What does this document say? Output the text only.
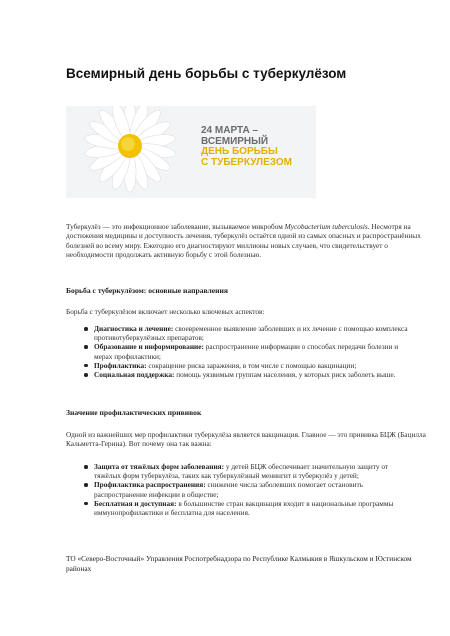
Всемирный день борьбы с туберкулёзом
24 МАРТА –
ВСЕМИРНЫЙ
ДЕНЬ БОРЬБЫ
С ТУБЕРКУЛЕЗОМ
Туберкулёз — это инфекционное заболевание, вызываемое микробом Mycobacterium tuberculosis. Несмотря на достижения медицины и доступность лечения, туберкулёз остаётся одной из самых опасных и распространённых болезней во всему миру. Ежегодно его диагностируют миллионы новых случаев, что свидетельствует о необходимости продолжать активную борьбу с этой болезнью.
Борьба с туберкулёзом: основные направления
Борьба с туберкулёзом включает несколько ключевых аспектов:
Диагностика и лечение: своевременное выявление заболевших и их лечение с помощью комплекса противотуберкулёзных препаратов;
Образование и информирование: распространение информации о способах передачи болезни и мерах профилактики;
Профилактика: сокращение риска заражения, в том числе с помощью вакцинации;
Социальная поддержка: помощь уязвимым группам населения, у которых риск заболеть выше.
Значение профилактических прививок
Одной из важнейших мер профилактики туберкулёза является вакцинация. Главное — это прививка БЦЖ (Бацилла Кальметта-Герина). Вот почему она так важна:
Защита от тяжёлых форм заболевания: у детей БЦЖ обеспечивает значительную защиту от тяжёлых форм туберкулёза, таких как туберкулёзный менингит и туберкулёз у детей;
Профилактика распространения: снижение числа заболевших помогает остановить распространение инфекции в обществе;
Бесплатная и доступная: в большинстве стран вакцинация входит в национальные программы иммунопрофилактики и бесплатна для населения.
ТО «Северо-Восточный» Управления Роспотребнадзора по Республике Калмыкия в Яшкульском и Юстинском районах
